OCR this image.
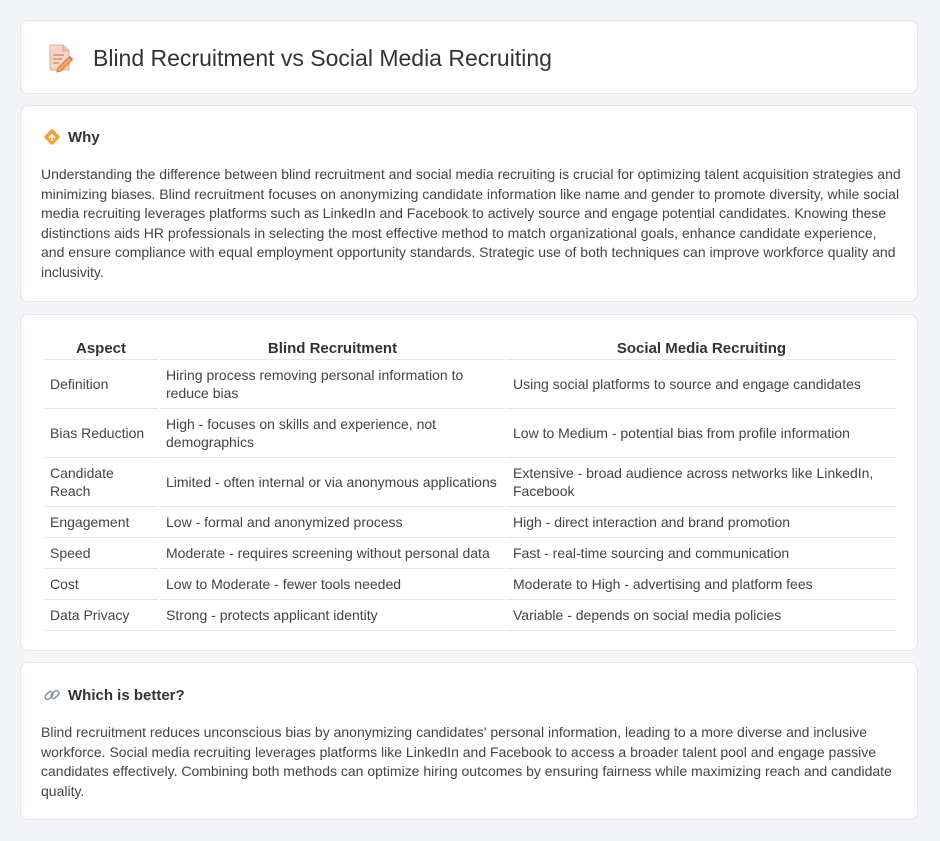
Blind Recruitment vs Social Media Recruiting
Why

Understanding the difference between blind recruitment and social media recruiting is crucial for optimizing talent acquisition strategies and minimizing biases. Blind recruitment focuses on anonymizing candidate information like name and gender to promote diversity, while social media recruiting leverages platforms such as LinkedIn and Facebook to actively source and engage potential candidates. Knowing these distinctions aids HR professionals in selecting the most effective method to match organizational goals, enhance candidate experience, and ensure compliance with equal employment opportunity standards. Strategic use of both techniques can improve workforce quality and inclusivity.

Aspect	Blind Recruitment	Social Media Recruiting
Definition	Hiring process removing personal information to reduce bias	Using social platforms to source and engage candidates
Bias Reduction	High - focuses on skills and experience, not demographics	Low to Medium - potential bias from profile information
Candidate Reach	Limited - often internal or via anonymous applications	Extensive - broad audience across networks like LinkedIn, Facebook
Engagement	Low - formal and anonymized process	High - direct interaction and brand promotion
Speed	Moderate - requires screening without personal data	Fast - real-time sourcing and communication
Cost	Low to Moderate - fewer tools needed	Moderate to High - advertising and platform fees
Data Privacy	Strong - protects applicant identity	Variable - depends on social media policies
Which is better?

Blind recruitment reduces unconscious bias by anonymizing candidates' personal information, leading to a more diverse and inclusive workforce. Social media recruiting leverages platforms like LinkedIn and Facebook to access a broader talent pool and engage passive candidates effectively. Combining both methods can optimize hiring outcomes by ensuring fairness while maximizing reach and candidate quality.
